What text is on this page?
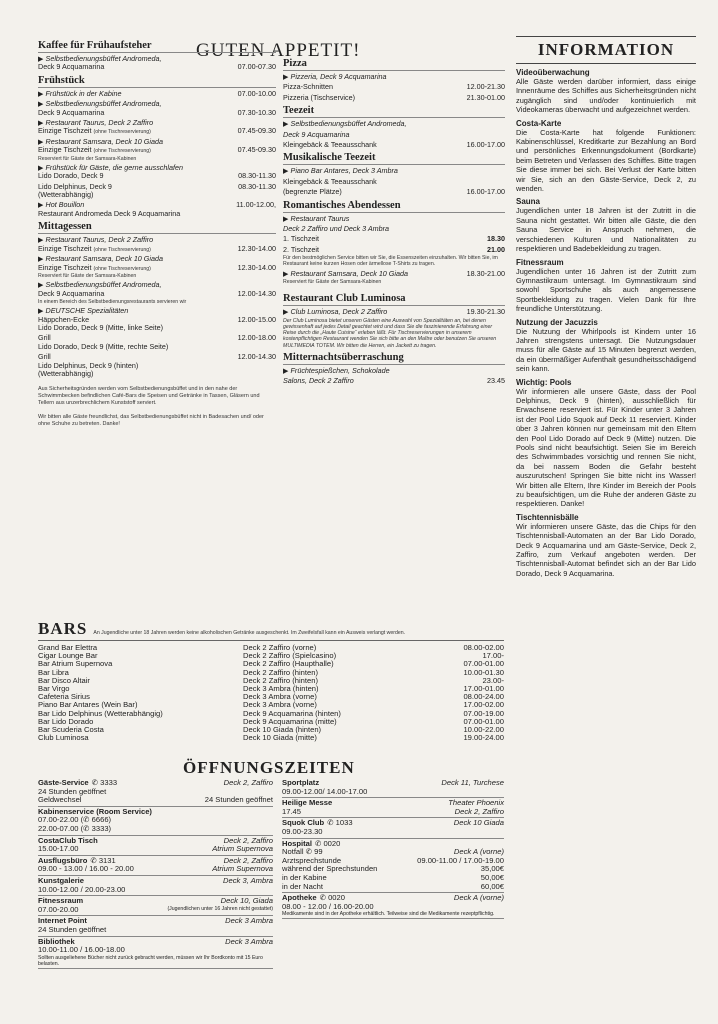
GUTEN APPETIT!
Kaffee für Frühaufsteher
▶ Selbstbedienungsbüffet Andromeda,
Deck 9 Acquamarina	07.00-07.30
Frühstück
▶ Frühstück in der Kabine	07.00-10.00
▶ Selbstbedienungsbüffet Andromeda,
Deck 9 Acquamarina	07.30-10.30
▶ Restaurant Taurus, Deck 2 Zaffiro
Einzige Tischzeit (ohne Tischreservierung)	07.45-09.30
▶ Restaurant Samsara, Deck 10 Giada
Einzige Tischzeit (ohne Tischreservierung)	07.45-09.30
Reserviert für Gäste der Samsara-Kabinen
▶ Frühstück für Gäste, die gerne ausschlafen
Lido Dorado, Deck 9	08.30-11.30
Lido Delphinus, Deck 9	08.30-11.30
(Wetterabhängig)
▶ Hot Bouillon	11.00-12.00,
Restaurant Andromeda Deck 9 Acquamarina
Mittagessen
▶ Restaurant Taurus, Deck 2 Zaffiro
Einzige Tischzeit (ohne Tischreservierung)	12.30-14.00
▶ Restaurant Samsara, Deck 10 Giada
Einzige Tischzeit (ohne Tischreservierung)	12.30-14.00
Reserviert für Gäste der Samsara-Kabinen
▶ Selbstbedienungsbüffet Andromeda,
Deck 9 Acquamarina	12.00-14.30
In einem Bereich des Selbstbedienungsrestaurants servieren wir
▶ DEUTSCHE Spezialitäten
Häppchen-Ecke	12.00-15.00
Lido Dorado, Deck 9 (Mitte, linke Seite)
Grill	12.00-18.00
Lido Dorado, Deck 9 (Mitte, rechte Seite)
Grill	12.00-14.30
Lido Delphinus, Deck 9 (hinten)
(Wetterabhängig)

Aus Sicherheitsgründen werden vom Selbstbedienungsbüffet und in den nahe der Schwimmbecken befindlichen Café-Bars die Speisen und Getränke in Tassen, Gläsern und Tellern aus unzerbrechlichem Kunststoff serviert.

Wir bitten alle Gäste freundlichst, das Selbstbedienungsbüffet nicht in Badesachen und/ oder ohne Schuhe zu betreten. Danke!

Pizza
▶ Pizzeria, Deck 9 Acquamarina
Pizza-Schnitten	12.00-21.30
Pizzeria (Tischservice)	21.30-01.00
Teezeit
▶ Selbstbedienungsbüffet Andromeda,
Deck 9 Acquamarina
Kleingebäck & Teeausschank	16.00-17.00
Musikalische Teezeit
▶ Piano Bar Antares, Deck 3 Ambra
Kleingebäck & Teeausschank
(begrenzte Plätze)	16.00-17.00
Romantisches Abendessen
▶ Restaurant Taurus
Deck 2 Zaffiro und Deck 3 Ambra
1. Tischzeit	18.30
2. Tischzeit	21.00
Für den bestmöglichen Service bitten wir Sie, die Essenszeiten einzuhalten. Wir bitten Sie, im Restaurant keine kurzen Hosen oder ärmellose T-Shirts zu tragen.
▶ Restaurant Samsara, Deck 10 Giada	18.30-21.00
Reserviert für Gäste der Samsara-Kabinen
Restaurant Club Luminosa
▶ Club Luminosa, Deck 2 Zaffiro	19.30-21.30
Der Club Luminosa bietet unseren Gästen eine Auswahl von Spezialitäten an, bei denen gewissenhaft auf jedes Detail geachtet wird und dass Sie die faszinierende Erfahrung einer Reise durch die „Haute Cuisine“ erleben läßt. Für Tischreservierungen in unserem kostenpflichtigen Restaurant wenden Sie sich bitte an den Maître oder benutzen Sie unseren MULTIMEDIA TOTEM. Wir bitten die Herren, ein Jackett zu tragen.
Mitternachtsüberraschung
▶ Früchtespießchen, Schokolade
Salons, Deck 2 Zaffiro	23.45
INFORMATION

Videoüberwachung

Alle Gäste werden darüber informiert, dass einige Innenräume des Schiffes aus Sicherheitsgründen nicht zugänglich sind und/oder kontinuierlich mit Videokameras überwacht und aufgezeichnet werden.

Costa-Karte

Die Costa-Karte hat folgende Funktionen: Kabinenschlüssel, Kreditkarte zur Bezahlung an Bord und persönliches Erkennungsdokument (Bordkarte) beim Betreten und Verlassen des Schiffes. Bitte tragen Sie diese immer bei sich. Bei Verlust der Karte bitten wir Sie, sich an den Gäste-Service, Deck 2, zu wenden.

Sauna

Jugendlichen unter 18 Jahren ist der Zutritt in die Sauna nicht gestattet. Wir bitten alle Gäste, die den Sauna Service in Anspruch nehmen, die verschiedenen Kulturen und Nationalitäten zu respektieren und Badebekleidung zu tragen.

Fitnessraum

Jugendlichen unter 16 Jahren ist der Zutritt zum Gymnastikraum untersagt. Im Gymnastikraum sind sowohl Sportschuhe als auch angemessene Sportbekleidung zu tragen. Vielen Dank für Ihre freundliche Unterstützung.

Nutzung der Jacuzzis

Die Nutzung der Whirlpools ist Kindern unter 16 Jahren strengstens untersagt. Die Nutzungsdauer muss für alle Gäste auf 15 Minuten begrenzt werden, da ein übermäßiger Aufenthalt gesundheitsschädigend sein kann.

Wichtig: Pools

Wir informieren alle unsere Gäste, dass der Pool Delphinus, Deck 9 (hinten), ausschließlich für Erwachsene reserviert ist. Für Kinder unter 3 Jahren ist der Pool Lido Squok auf Deck 11 reserviert. Kinder über 3 Jahren können nur gemeinsam mit den Eltern den Pool Lido Dorado auf Deck 9 (Mitte) nutzen. Die Pools sind nicht beaufsichtigt. Seien Sie im Bereich des Schwimmbades vorsichtig und rennen Sie nicht, da bei nassem Boden die Gefahr besteht auszurutschen! Springen Sie bitte nicht ins Wasser! Wir bitten alle Eltern, Ihre Kinder im Bereich der Pools zu beaufsichtigen, um die Ruhe der anderen Gäste zu respektieren. Danke!

Tischtennisbälle

Wir informieren unsere Gäste, das die Chips für den Tischtennisball-Automaten an der Bar Lido Dorado, Deck 9 Acquamarina und am Gäste-Service, Deck 2, Zaffiro, zum Verkauf angeboten werden. Der Tischtennisball-Automat befindet sich an der Bar Lido Dorado, Deck 9 Acquamarina.

BARS An Jugendliche unter 18 Jahren werden keine alkoholischen Getränke ausgeschenkt. Im Zweifelsfall kann ein Ausweis verlangt werden.
Grand Bar Elettra	Deck 2 Zaffiro (vorne)	08.00-02.00
Cigar Lounge Bar	Deck 2 Zaffiro (Spielcasino)	17.00-
Bar Atrium Supernova	Deck 2 Zaffiro (Haupthalle)	07.00-01.00
Bar Libra	Deck 2 Zaffiro (hinten)	10.00-01.30
Bar Disco Altair	Deck 2 Zaffiro (hinten)	23.00-
Bar Virgo	Deck 3 Ambra (hinten)	17.00-01.00
Cafeteria Sirius	Deck 3 Ambra (vorne)	08.00-24.00
Piano Bar Antares (Wein Bar)	Deck 3 Ambra (vorne)	17.00-02.00
Bar Lido Delphinus (Wetterabhängig)	Deck 9 Acquamarina (hinten)	07.00-19.00
Bar Lido Dorado	Deck 9 Acquamarina (mitte)	07.00-01.00
Bar Scuderia Costa	Deck 10 Giada (hinten)	10.00-22.00
Club Luminosa	Deck 10 Giada (mitte)	19.00-24.00
ÖFFNUNGSZEITEN
Gäste-Service ✆ 3333	Deck 2, Zaffiro
24 Stunden geöffnet
Geldwechsel	24 Stunden geöffnet
Kabinenservice (Room Service)
07.00-22.00 (✆ 6666)
22.00-07.00 (✆ 3333)
CostaClub Tisch	Deck 2, Zaffiro
15.00-17.00	Atrium Supernova
Ausflugsbüro ✆ 3131	Deck 2, Zaffiro
09.00 - 13.00 / 16.00 - 20.00	Atrium Supernova
Kunstgalerie	Deck 3, Ambra
10.00-12.00 / 20.00-23.00
Fitnessraum	Deck 10, Giada
07.00-20.00	(Jugendlichen unter 16 Jahren nicht gestattet)
Internet Point	Deck 3 Ambra
24 Stunden geöffnet
Bibliothek	Deck 3 Ambra
10.00-11.00 / 16.00-18.00
Sollten ausgeliehene Bücher nicht zurück gebracht werden, müssen wir Ihr Bordkonto mit 15 Euro belasten.
Sportplatz	Deck 11, Turchese
09.00-12.00/ 14.00-17.00
Heilige Messe	Theater Phoenix
17.45	Deck 2, Zaffiro
Squok Club ✆ 1033	Deck 10 Giada
09.00-23.30
Hospital ✆ 0020
Notfall ✆ 99	Deck A (vorne)
Arztsprechstunde	09.00-11.00 / 17.00-19.00
während der Sprechstunden	35,00€
in der Kabine	50,00€
in der Nacht	60,00€
Apotheke ✆ 0020	Deck A (vorne)
08.00 - 12.00 / 16.00-20.00
Medikamente sind in der Apotheke erhältlich. Teilweise sind die Medikamente rezeptpflichtig.
